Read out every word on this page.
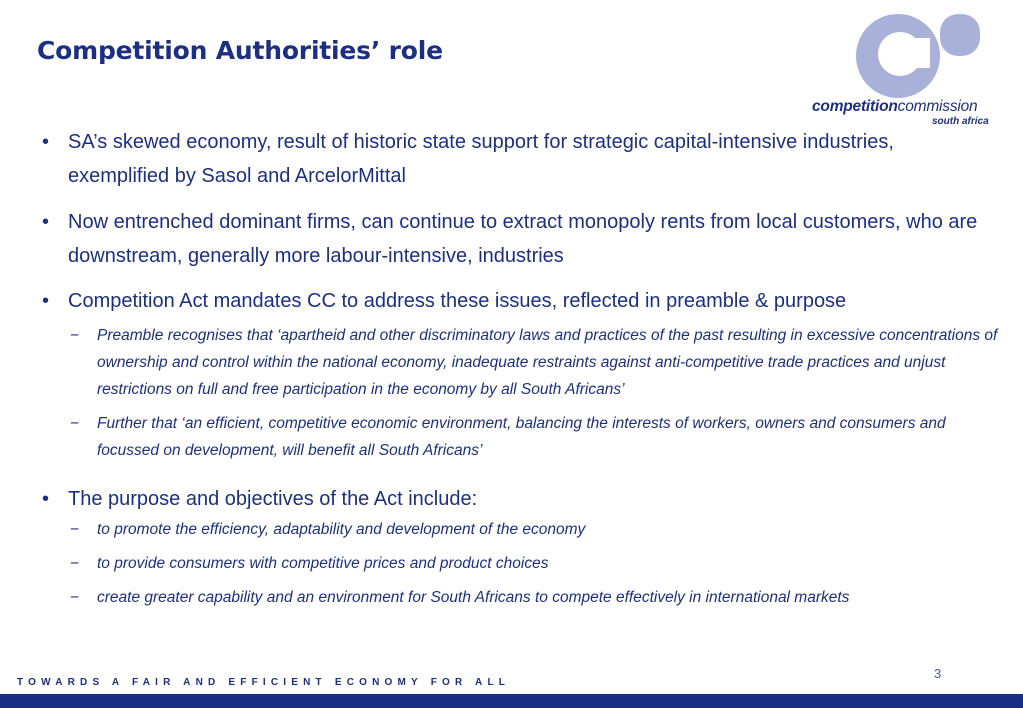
Competition Authorities’ role
competitioncommission
south africa
• SA’s skewed economy, result of historic state support for strategic capital-intensive industries, exemplified by Sasol and ArcelorMittal
• Now entrenched dominant firms, can continue to extract monopoly rents from local customers, who are downstream, generally more labour-intensive, industries
• Competition Act mandates CC to address these issues, reflected in preamble & purpose
− Preamble recognises that ‘apartheid and other discriminatory laws and practices of the past resulting in excessive concentrations of ownership and control within the national economy, inadequate restraints against anti-competitive trade practices and unjust restrictions on full and free participation in the economy by all South Africans’
− Further that ‘an efficient, competitive economic environment, balancing the interests of workers, owners and consumers and focussed on development, will benefit all South Africans’
• The purpose and objectives of the Act include:
− to promote the efficiency, adaptability and development of the economy
− to provide consumers with competitive prices and product choices
− create greater capability and an environment for South Africans to compete effectively in international markets
3
TOWARDS A FAIR AND EFFICIENT ECONOMY FOR ALL
